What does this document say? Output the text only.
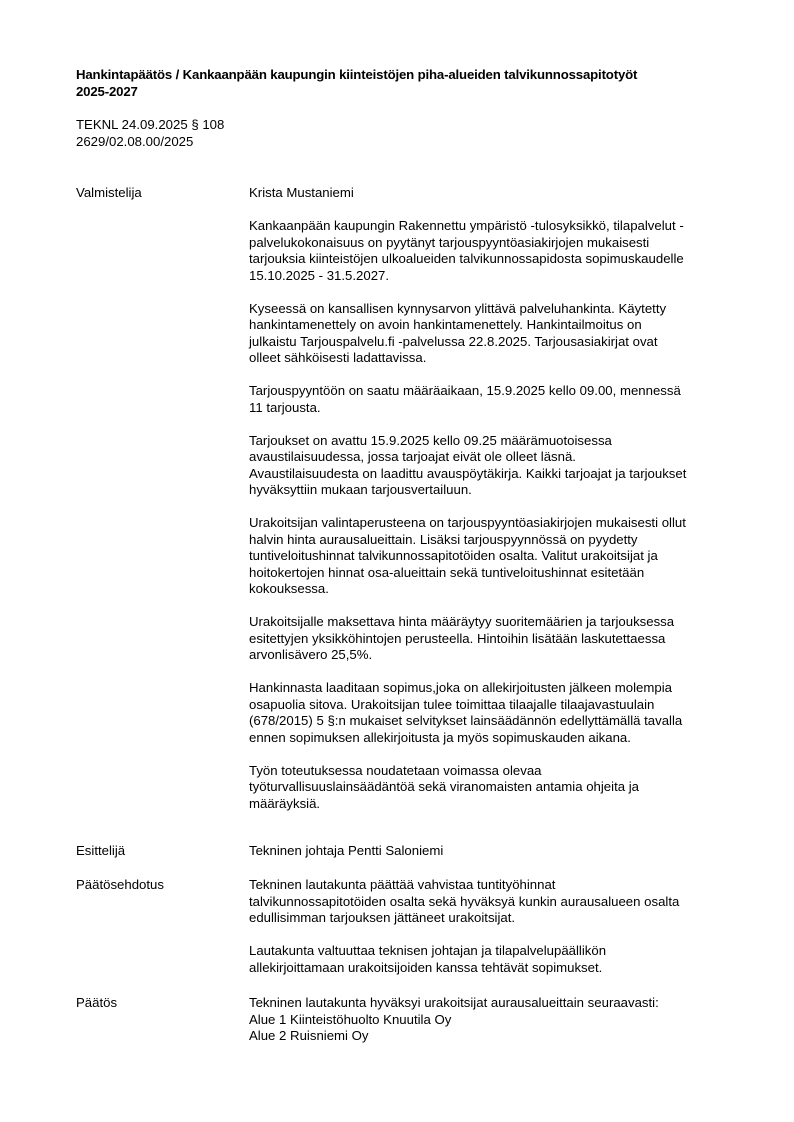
Hankintapäätös / Kankaanpään kaupungin kiinteistöjen piha-alueiden talvikunnossapitotyöt
2025-2027
TEKNL 24.09.2025 § 108
2629/02.08.00/2025
Valmistelija	Krista Mustaniemi

Kankaanpään kaupungin Rakennettu ympäristö -tulosyksikkö, tilapalvelut -
palvelukokonaisuus on pyytänyt tarjouspyyntöasiakirjojen mukaisesti
tarjouksia kiinteistöjen ulkoalueiden talvikunnossapidosta sopimuskaudelle
15.10.2025 - 31.5.2027.

Kyseessä on kansallisen kynnysarvon ylittävä palveluhankinta. Käytetty
hankintamenettely on avoin hankintamenettely. Hankintailmoitus on
julkaistu Tarjouspalvelu.fi -palvelussa 22.8.2025. Tarjousasiakirjat ovat
olleet sähköisesti ladattavissa.

Tarjouspyyntöön on saatu määräaikaan, 15.9.2025 kello 09.00, mennessä
11 tarjousta.

Tarjoukset on avattu 15.9.2025 kello 09.25 määrämuotoisessa
avaustilaisuudessa, jossa tarjoajat eivät ole olleet läsnä.
Avaustilaisuudesta on laadittu avauspöytäkirja. Kaikki tarjoajat ja tarjoukset
hyväksyttiin mukaan tarjousvertailuun.

Urakoitsijan valintaperusteena on tarjouspyyntöasiakirjojen mukaisesti ollut
halvin hinta aurausalueittain. Lisäksi tarjouspyynnössä on pyydetty
tuntiveloitushinnat talvikunnossapitotöiden osalta. Valitut urakoitsijat ja
hoitokertojen hinnat osa-alueittain sekä tuntiveloitushinnat esitetään
kokouksessa.

Urakoitsijalle maksettava hinta määräytyy suoritemäärien ja tarjouksessa
esitettyjen yksikköhintojen perusteella. Hintoihin lisätään laskutettaessa
arvonlisävero 25,5%.

Hankinnasta laaditaan sopimus,joka on allekirjoitusten jälkeen molempia
osapuolia sitova. Urakoitsijan tulee toimittaa tilaajalle tilaajavastuulain
(678/2015) 5 §:n mukaiset selvitykset lainsäädännön edellyttämällä tavalla
ennen sopimuksen allekirjoitusta ja myös sopimuskauden aikana.

Työn toteutuksessa noudatetaan voimassa olevaa
työturvallisuuslainsäädäntöä sekä viranomaisten antamia ohjeita ja
määräyksiä.

Esittelijä	Tekninen johtaja Pentti Saloniemi
Päätösehdotus	Tekninen lautakunta päättää vahvistaa tuntityöhinnat
talvikunnossapitotöiden osalta sekä hyväksyä kunkin aurausalueen osalta
edullisimman tarjouksen jättäneet urakoitsijat.

Lautakunta valtuuttaa teknisen johtajan ja tilapalvelupäällikön
allekirjoittamaan urakoitsijoiden kanssa tehtävät sopimukset.

Päätös	Tekninen lautakunta hyväksyi urakoitsijat aurausalueittain seuraavasti:
Alue 1 Kiinteistöhuolto Knuutila Oy
Alue 2 Ruisniemi Oy
